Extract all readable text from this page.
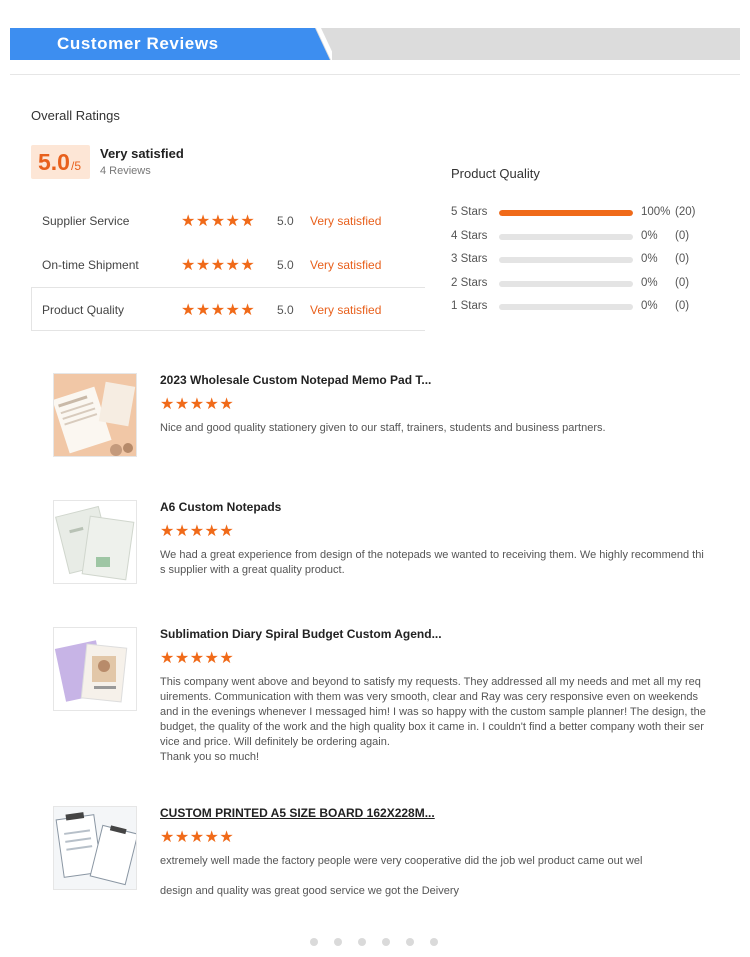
Customer Reviews
Overall Ratings
5.0 /5
Very satisfied
4 Reviews
Supplier Service	★★★★★ 5.0 Very satisfied
On-time Shipment	★★★★★ 5.0 Very satisfied
Product Quality	★★★★★ 5.0 Very satisfied
Product Quality
5 Stars	100% (20)
4 Stars	0% (0)
3 Stars	0% (0)
2 Stars	0% (0)
1 Stars	0% (0)
2023 Wholesale Custom Notepad Memo Pad T...
★★★★★

Nice and good quality stationery given to our staff, trainers, students and business partners.

A6 Custom Notepads
★★★★★

We had a great experience from design of the notepads we wanted to receiving them. We highly recommend this supplier with a great quality product.

Sublimation Diary Spiral Budget Custom Agend...
★★★★★

This company went above and beyond to satisfy my requests. They addressed all my needs and met all my requirements. Communication with them was very smooth, clear and Ray was cery responsive even on weekends and in the evenings whenever I messaged him! I was so happy with the custom sample planner! The design, the budget, the quality of the work and the high quality box it came in. I couldn't find a better company woth their service and price. Will definitely be ordering again.

Thank you so much!

CUSTOM PRINTED A5 SIZE BOARD 162X228M...
★★★★★

extremely well made the factory people were very cooperative did the job wel product came out wel

design and quality was great good service we got the Deivery
